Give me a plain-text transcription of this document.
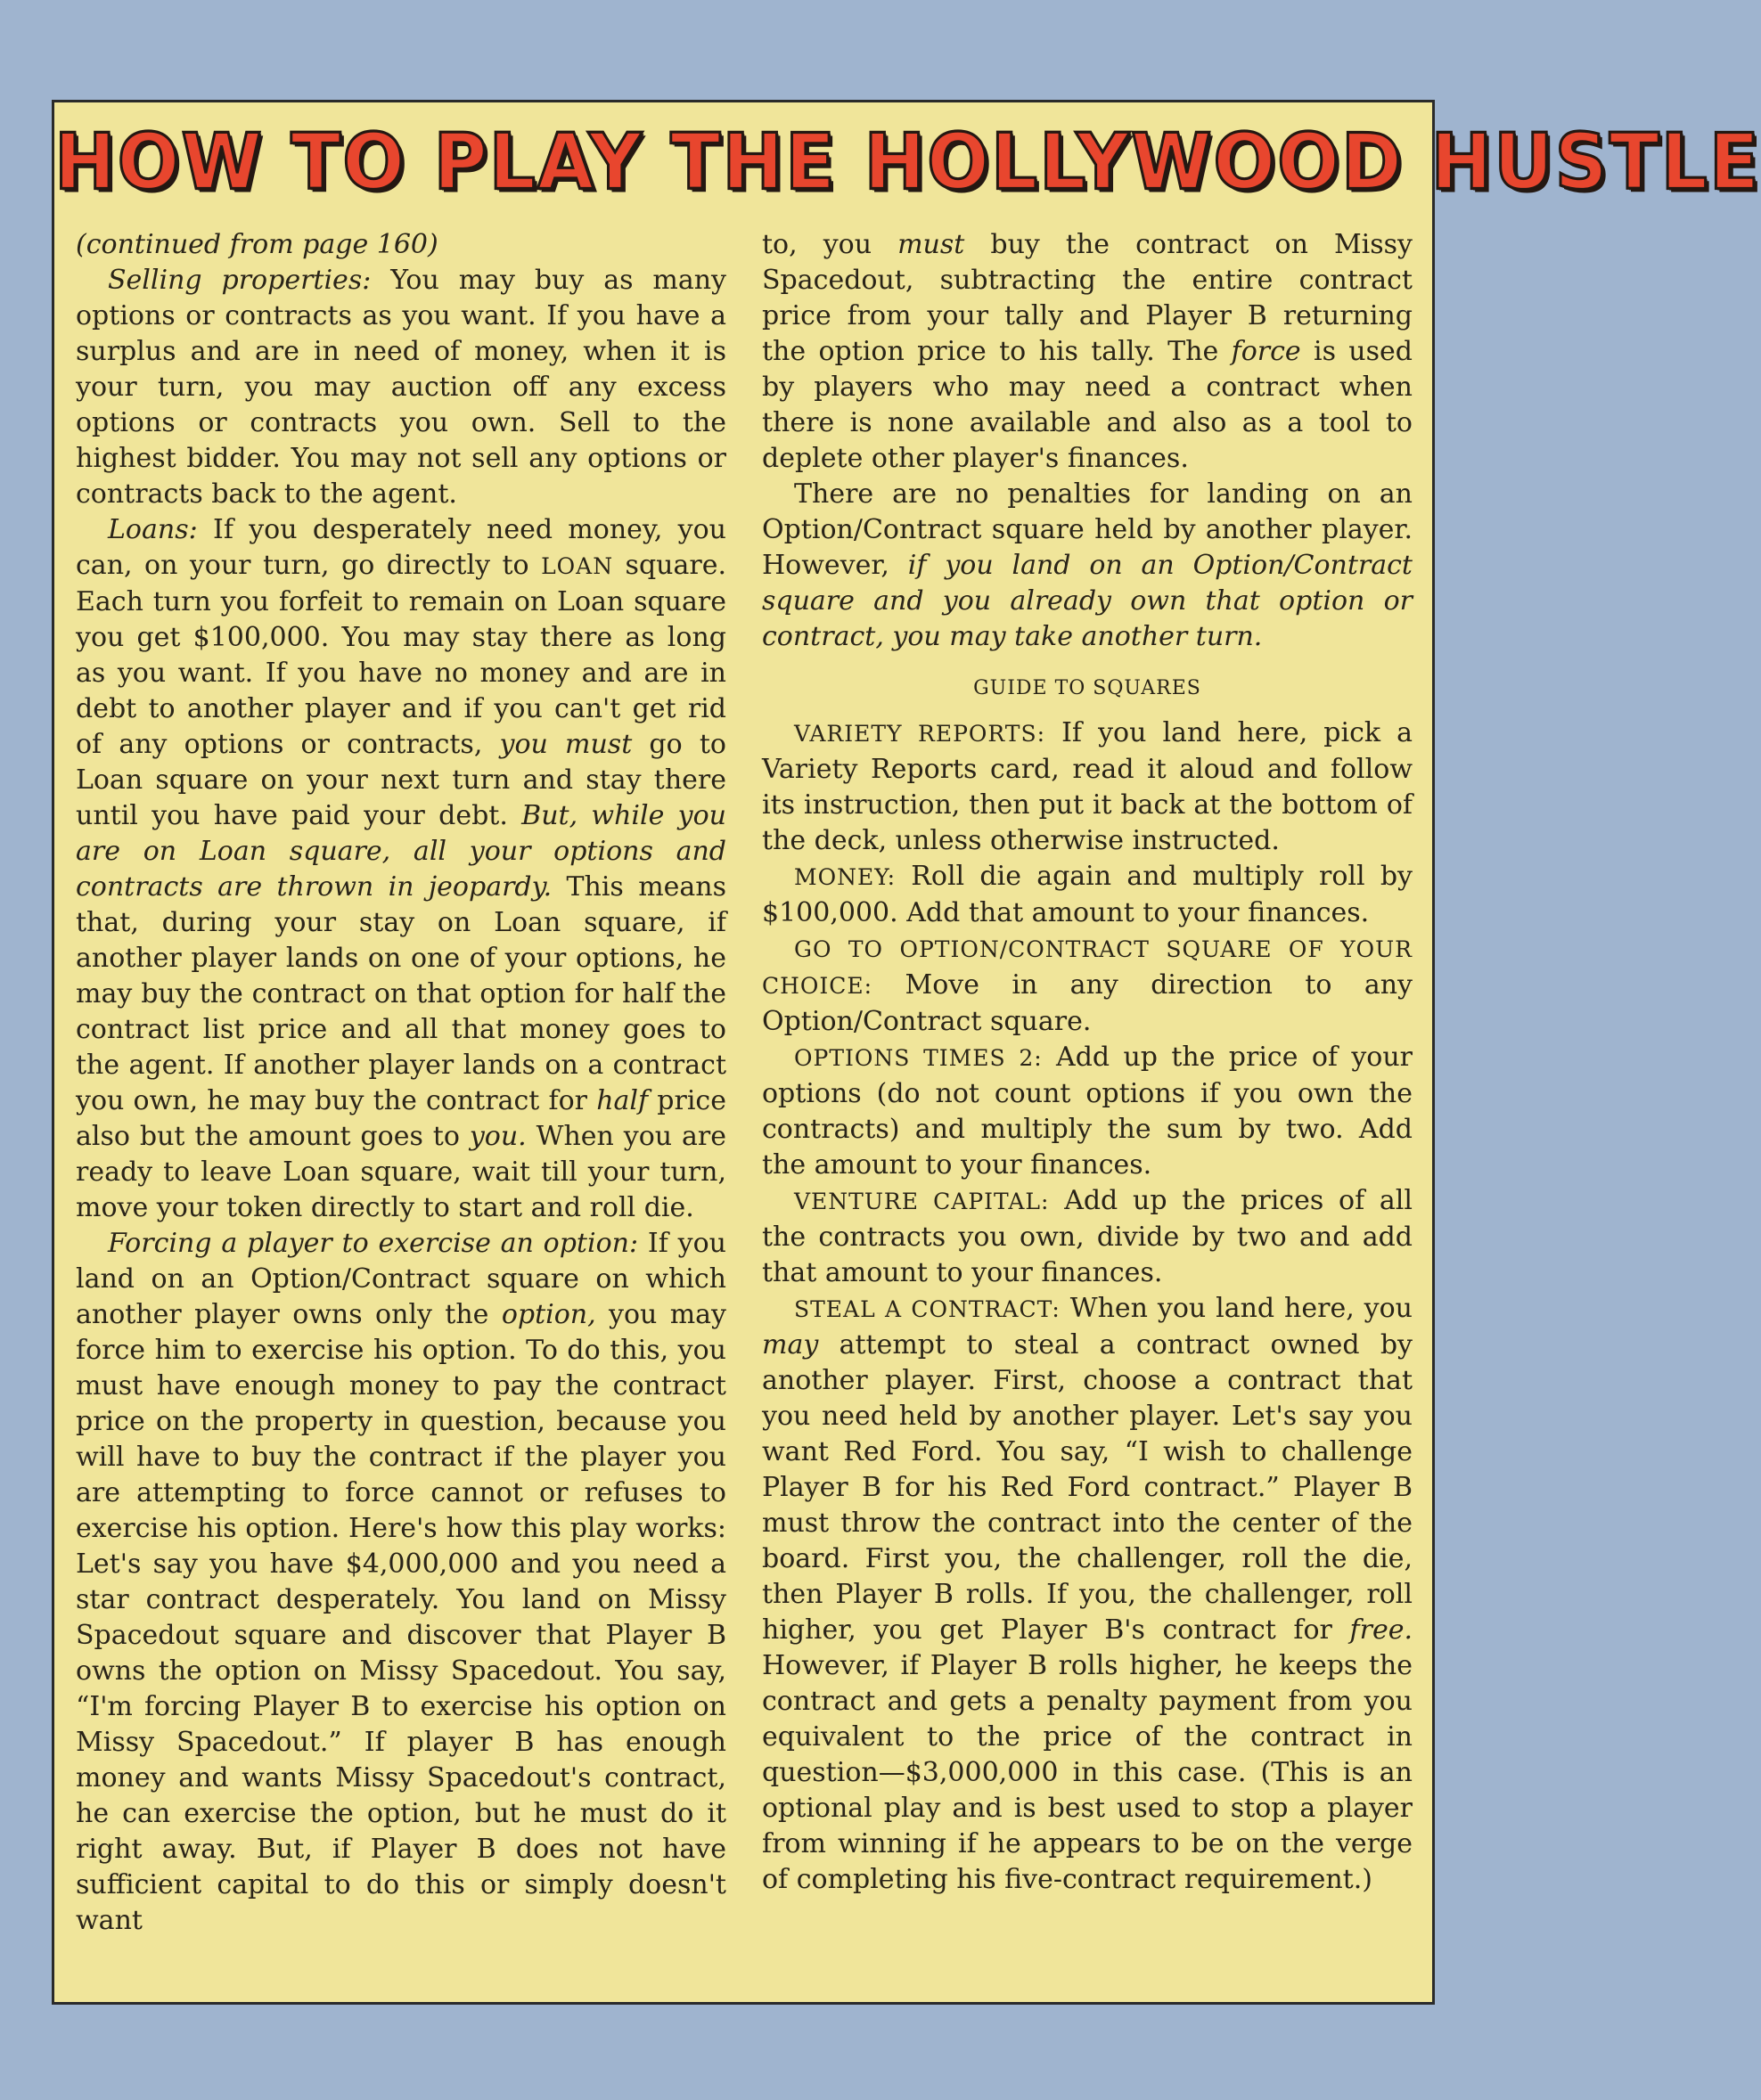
HOW TO PLAY THE HOLLYWOOD HUSTLE

(continued from page 160)

Selling properties: You may buy as many options or contracts as you want. If you have a surplus and are in need of money, when it is your turn, you may auction off any excess options or contracts you own. Sell to the highest bidder. You may not sell any options or contracts back to the agent.

Loans: If you desperately need money, you can, on your turn, go directly to LOAN square. Each turn you forfeit to remain on Loan square you get $100,000. You may stay there as long as you want. If you have no money and are in debt to another player and if you can't get rid of any options or contracts, you must go to Loan square on your next turn and stay there until you have paid your debt. But, while you are on Loan square, all your options and contracts are thrown in jeopardy. This means that, during your stay on Loan square, if another player lands on one of your options, he may buy the contract on that option for half the contract list price and all that money goes to the agent. If another player lands on a contract you own, he may buy the contract for half price also but the amount goes to you. When you are ready to leave Loan square, wait till your turn, move your token directly to start and roll die.

Forcing a player to exercise an option: If you land on an Option/Contract square on which another player owns only the option, you may force him to exercise his option. To do this, you must have enough money to pay the contract price on the property in question, because you will have to buy the contract if the player you are attempting to force cannot or refuses to exercise his option. Here's how this play works: Let's say you have $4,000,000 and you need a star contract desperately. You land on Missy Spacedout square and discover that Player B owns the option on Missy Spacedout. You say, “I'm forcing Player B to exercise his option on Missy Spacedout.” If player B has enough money and wants Missy Spacedout's contract, he can exercise the option, but he must do it right away. But, if Player B does not have sufficient capital to do this or simply doesn't want

to, you must buy the contract on Missy Spacedout, subtracting the entire contract price from your tally and Player B returning the option price to his tally. The force is used by players who may need a contract when there is none available and also as a tool to deplete other player's finances.

There are no penalties for landing on an Option/Contract square held by another player. However, if you land on an Option/Contract square and you already own that option or contract, you may take another turn.

GUIDE TO SQUARES

VARIETY REPORTS: If you land here, pick a Variety Reports card, read it aloud and follow its instruction, then put it back at the bottom of the deck, unless otherwise instructed.

MONEY: Roll die again and multiply roll by $100,000. Add that amount to your finances.

GO TO OPTION/CONTRACT SQUARE OF YOUR CHOICE: Move in any direction to any Option/Contract square.

OPTIONS TIMES 2: Add up the price of your options (do not count options if you own the contracts) and multiply the sum by two. Add the amount to your finances.

VENTURE CAPITAL: Add up the prices of all the contracts you own, divide by two and add that amount to your finances.

STEAL A CONTRACT: When you land here, you may attempt to steal a contract owned by another player. First, choose a contract that you need held by another player. Let's say you want Red Ford. You say, “I wish to challenge Player B for his Red Ford contract.” Player B must throw the contract into the center of the board. First you, the challenger, roll the die, then Player B rolls. If you, the challenger, roll higher, you get Player B's contract for free. However, if Player B rolls higher, he keeps the contract and gets a penalty payment from you equivalent to the price of the contract in question—$3,000,000 in this case. (This is an optional play and is best used to stop a player from winning if he appears to be on the verge of completing his five-contract requirement.)
